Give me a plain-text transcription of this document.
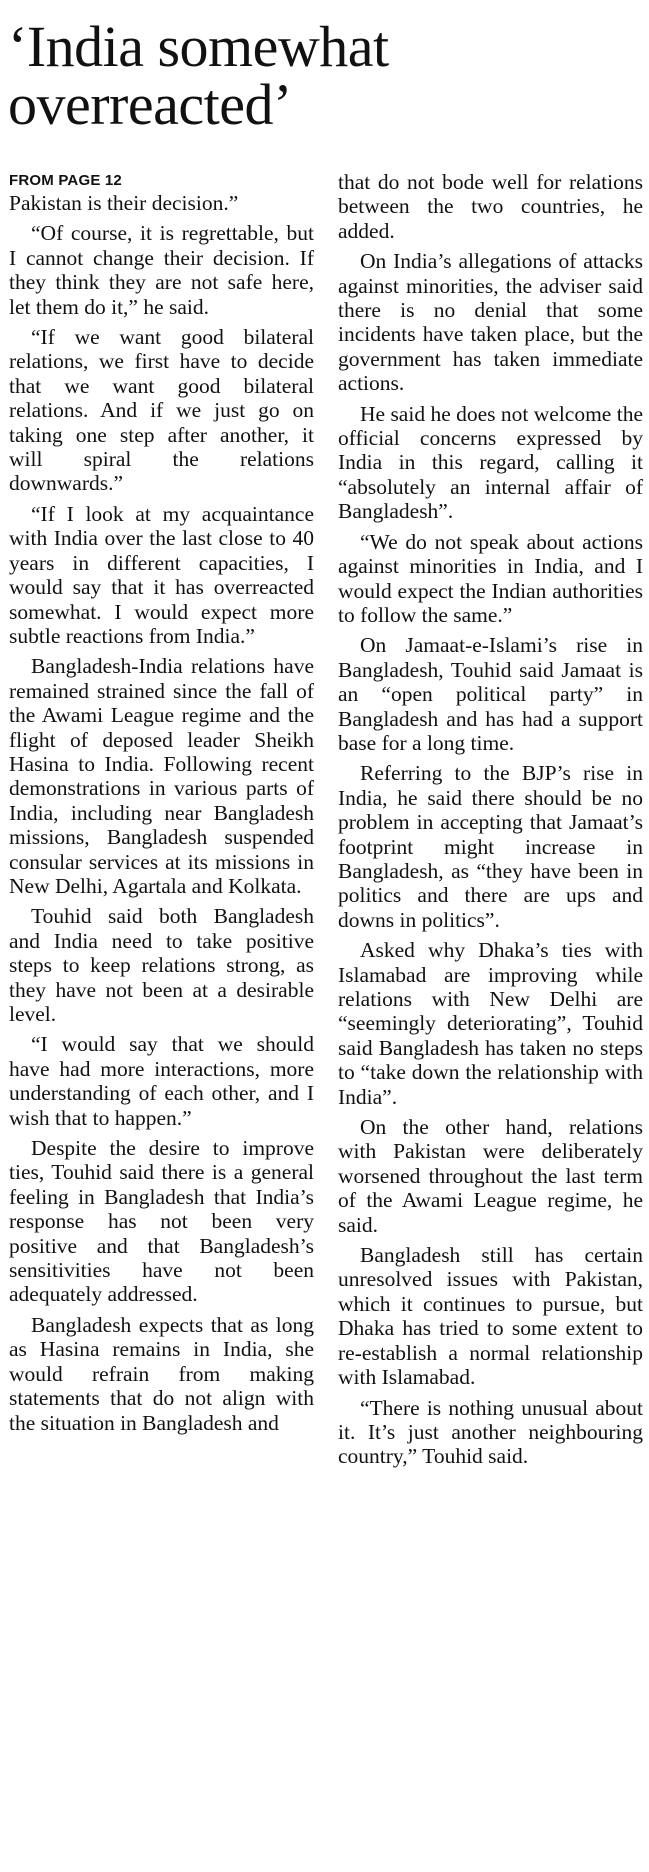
‘India somewhat overreacted’
FROM PAGE 12

Pakistan is their decision.”

“Of course, it is regrettable, but I cannot change their decision. If they think they are not safe here, let them do it,” he said.

“If we want good bilateral relations, we first have to decide that we want good bilateral relations. And if we just go on taking one step after another, it will spiral the relations downwards.”

“If I look at my acquaintance with India over the last close to 40 years in different capacities, I would say that it has overreacted somewhat. I would expect more subtle reactions from India.”

Bangladesh-India relations have remained strained since the fall of the Awami League regime and the flight of deposed leader Sheikh Hasina to India. Following recent demonstrations in various parts of India, including near Bangladesh missions, Bangladesh suspended consular services at its missions in New Delhi, Agartala and Kolkata.

Touhid said both Bangladesh and India need to take positive steps to keep relations strong, as they have not been at a desirable level.

“I would say that we should have had more interactions, more understanding of each other, and I wish that to happen.”

Despite the desire to improve ties, Touhid said there is a general feeling in Bangladesh that India’s response has not been very positive and that Bangladesh’s sensitivities have not been adequately addressed.

Bangladesh expects that as long as Hasina remains in India, she would refrain from making statements that do not align with the situation in Bangladesh and

that do not bode well for relations between the two countries, he added.

On India’s allegations of attacks against minorities, the adviser said there is no denial that some incidents have taken place, but the government has taken immediate actions.

He said he does not welcome the official concerns expressed by India in this regard, calling it “absolutely an internal affair of Bangladesh”.

“We do not speak about actions against minorities in India, and I would expect the Indian authorities to follow the same.”

On Jamaat-e-Islami’s rise in Bangladesh, Touhid said Jamaat is an “open political party” in Bangladesh and has had a support base for a long time.

Referring to the BJP’s rise in India, he said there should be no problem in accepting that Jamaat’s footprint might increase in Bangladesh, as “they have been in politics and there are ups and downs in politics”.

Asked why Dhaka’s ties with Islamabad are improving while relations with New Delhi are “seemingly deteriorating”, Touhid said Bangladesh has taken no steps to “take down the relationship with India”.

On the other hand, relations with Pakistan were deliberately worsened throughout the last term of the Awami League regime, he said.

Bangladesh still has certain unresolved issues with Pakistan, which it continues to pursue, but Dhaka has tried to some extent to re-establish a normal relationship with Islamabad.

“There is nothing unusual about it. It’s just another neighbouring country,” Touhid said.
